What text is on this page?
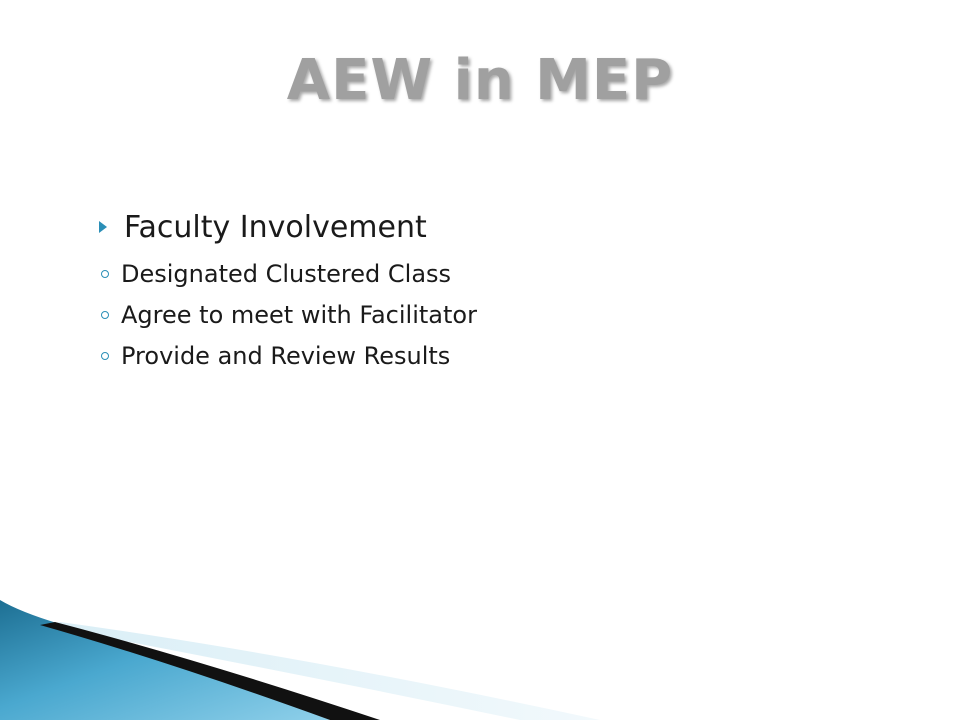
AEW in MEP
Faculty Involvement
Designated Clustered Class
Agree to meet with Facilitator
Provide and Review Results
